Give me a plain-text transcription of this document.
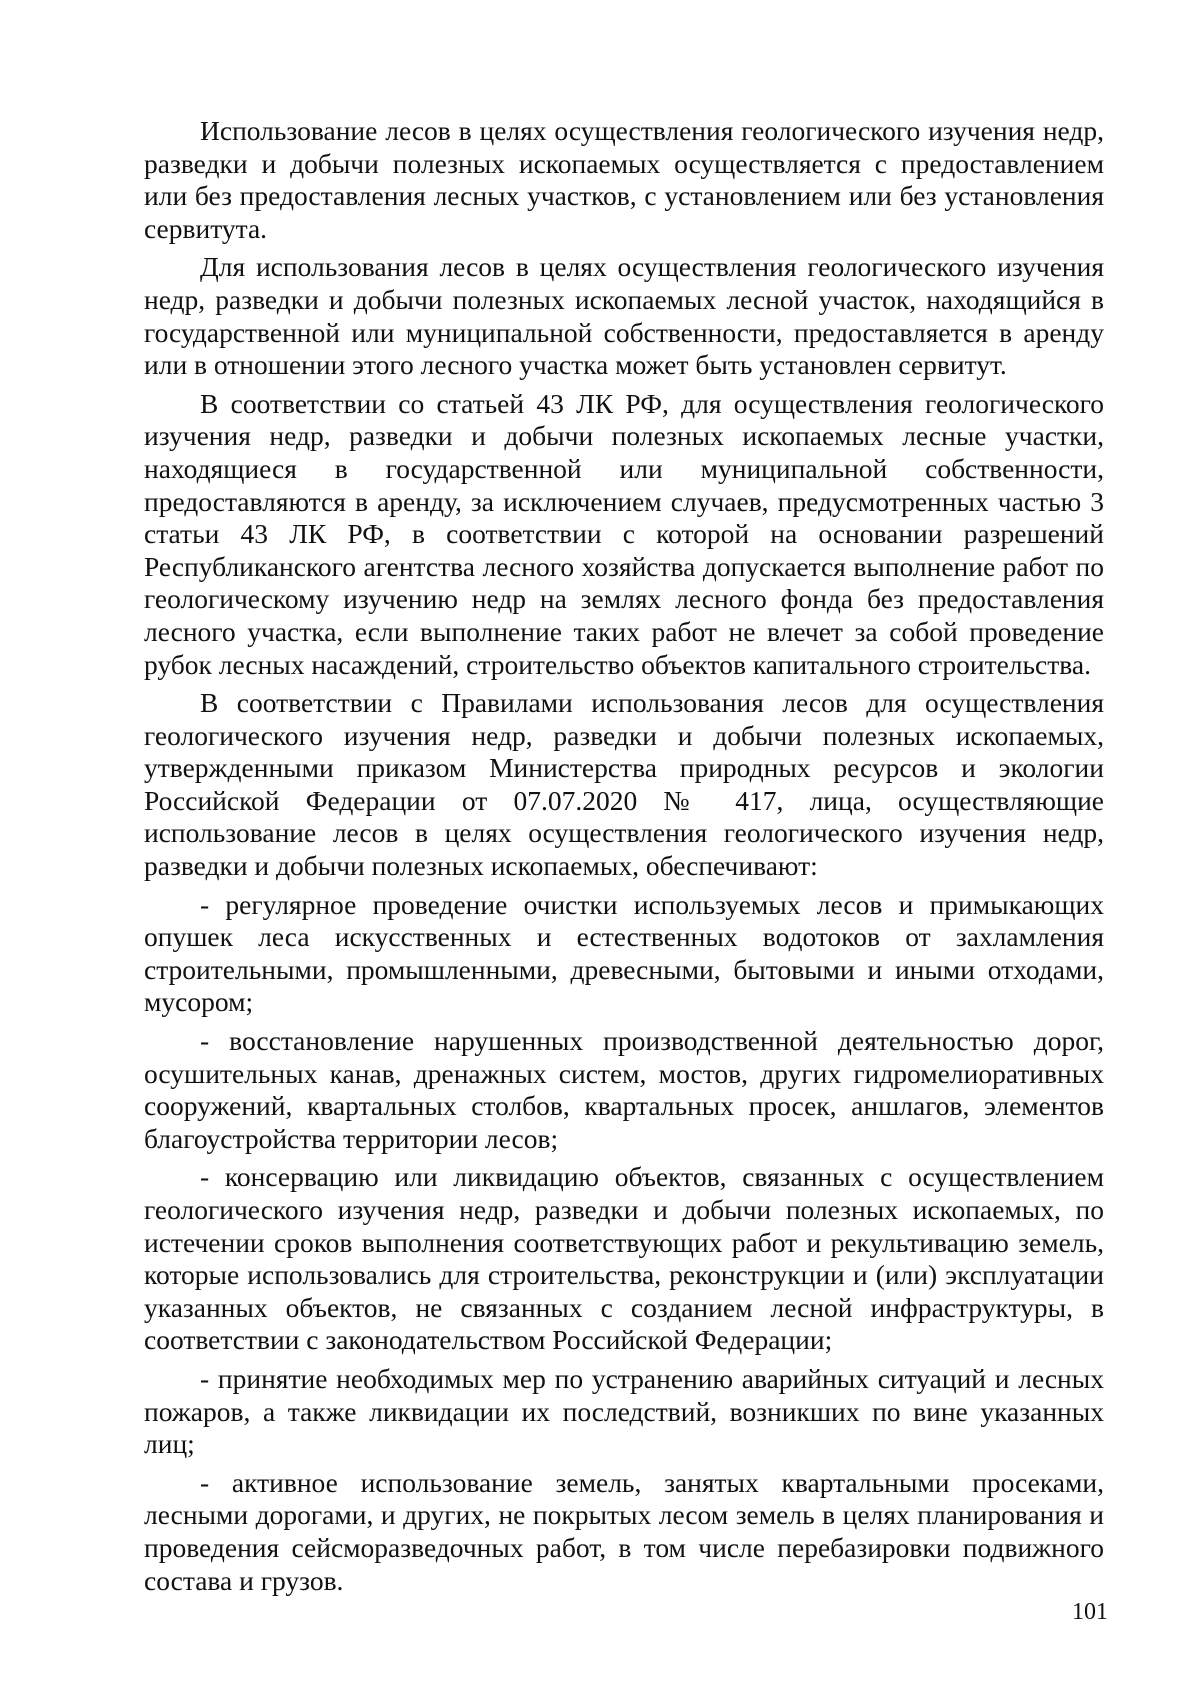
Использование лесов в целях осуществления геологического изучения недр, разведки и добычи полезных ископаемых осуществляется с предоставлением или без предоставления лесных участков, с установлением или без установления сервитута.

Для использования лесов в целях осуществления геологического изучения недр, разведки и добычи полезных ископаемых лесной участок, находящийся в государственной или муниципальной собственности, предоставляется в аренду или в отношении этого лесного участка может быть установлен сервитут.

В соответствии со статьей 43 ЛК РФ, для осуществления геологического изучения недр, разведки и добычи полезных ископаемых лесные участки, находящиеся в государственной или муниципальной собственности, предоставляются в аренду, за исключением случаев, предусмотренных частью 3 статьи 43 ЛК РФ, в соответствии с которой на основании разрешений Республиканского агентства лесного хозяйства допускается выполнение работ по геологическому изучению недр на землях лесного фонда без предоставления лесного участка, если выполнение таких работ не влечет за собой проведение рубок лесных насаждений, строительство объектов капитального строительства.

В соответствии с Правилами использования лесов для осуществления геологического изучения недр, разведки и добычи полезных ископаемых, утвержденными приказом Министерства природных ресурсов и экологии Российской Федерации от 07.07.2020 № 417, лица, осуществляющие использование лесов в целях осуществления геологического изучения недр, разведки и добычи полезных ископаемых, обеспечивают:

- регулярное проведение очистки используемых лесов и примыкающих опушек леса искусственных и естественных водотоков от захламления строительными, промышленными, древесными, бытовыми и иными отходами, мусором;

- восстановление нарушенных производственной деятельностью дорог, осушительных канав, дренажных систем, мостов, других гидромелиоративных сооружений, квартальных столбов, квартальных просек, аншлагов, элементов благоустройства территории лесов;

- консервацию или ликвидацию объектов, связанных с осуществлением геологического изучения недр, разведки и добычи полезных ископаемых, по истечении сроков выполнения соответствующих работ и рекультивацию земель, которые использовались для строительства, реконструкции и (или) эксплуатации указанных объектов, не связанных с созданием лесной инфраструктуры, в соответствии с законодательством Российской Федерации;

- принятие необходимых мер по устранению аварийных ситуаций и лесных пожаров, а также ликвидации их последствий, возникших по вине указанных лиц;

- активное использование земель, занятых квартальными просеками, лесными дорогами, и других, не покрытых лесом земель в целях планирования и проведения сейсморазведочных работ, в том числе перебазировки подвижного состава и грузов.

101
